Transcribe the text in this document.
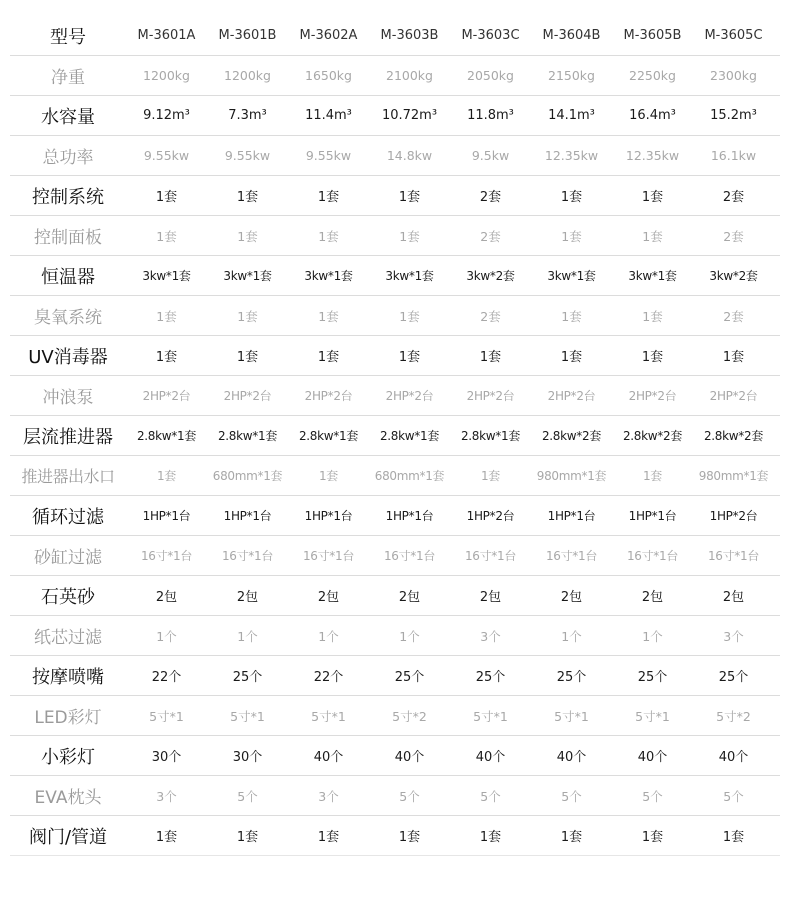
型号	M-3601A	M-3601B	M-3602A	M-3603B	M-3603C	M-3604B	M-3605B	M-3605C
净重	1200kg	1200kg	1650kg	2100kg	2050kg	2150kg	2250kg	2300kg
水容量	9.12m³	7.3m³	11.4m³	10.72m³	11.8m³	14.1m³	16.4m³	15.2m³
总功率	9.55kw	9.55kw	9.55kw	14.8kw	9.5kw	12.35kw	12.35kw	16.1kw
控制系统	1套	1套	1套	1套	2套	1套	1套	2套
控制面板	1套	1套	1套	1套	2套	1套	1套	2套
恒温器	3kw*1套	3kw*1套	3kw*1套	3kw*1套	3kw*2套	3kw*1套	3kw*1套	3kw*2套
臭氧系统	1套	1套	1套	1套	2套	1套	1套	2套
UV消毒器	1套	1套	1套	1套	1套	1套	1套	1套
冲浪泵	2HP*2台	2HP*2台	2HP*2台	2HP*2台	2HP*2台	2HP*2台	2HP*2台	2HP*2台
层流推进器	2.8kw*1套	2.8kw*1套	2.8kw*1套	2.8kw*1套	2.8kw*1套	2.8kw*2套	2.8kw*2套	2.8kw*2套
推进器出水口	1套	680mm*1套	1套	680mm*1套	1套	980mm*1套	1套	980mm*1套
循环过滤	1HP*1台	1HP*1台	1HP*1台	1HP*1台	1HP*2台	1HP*1台	1HP*1台	1HP*2台
砂缸过滤	16寸*1台	16寸*1台	16寸*1台	16寸*1台	16寸*1台	16寸*1台	16寸*1台	16寸*1台
石英砂	2包	2包	2包	2包	2包	2包	2包	2包
纸芯过滤	1个	1个	1个	1个	3个	1个	1个	3个
按摩喷嘴	22个	25个	22个	25个	25个	25个	25个	25个
LED彩灯	5寸*1	5寸*1	5寸*1	5寸*2	5寸*1	5寸*1	5寸*1	5寸*2
小彩灯	30个	30个	40个	40个	40个	40个	40个	40个
EVA枕头	3个	5个	3个	5个	5个	5个	5个	5个
阀门/管道	1套	1套	1套	1套	1套	1套	1套	1套
